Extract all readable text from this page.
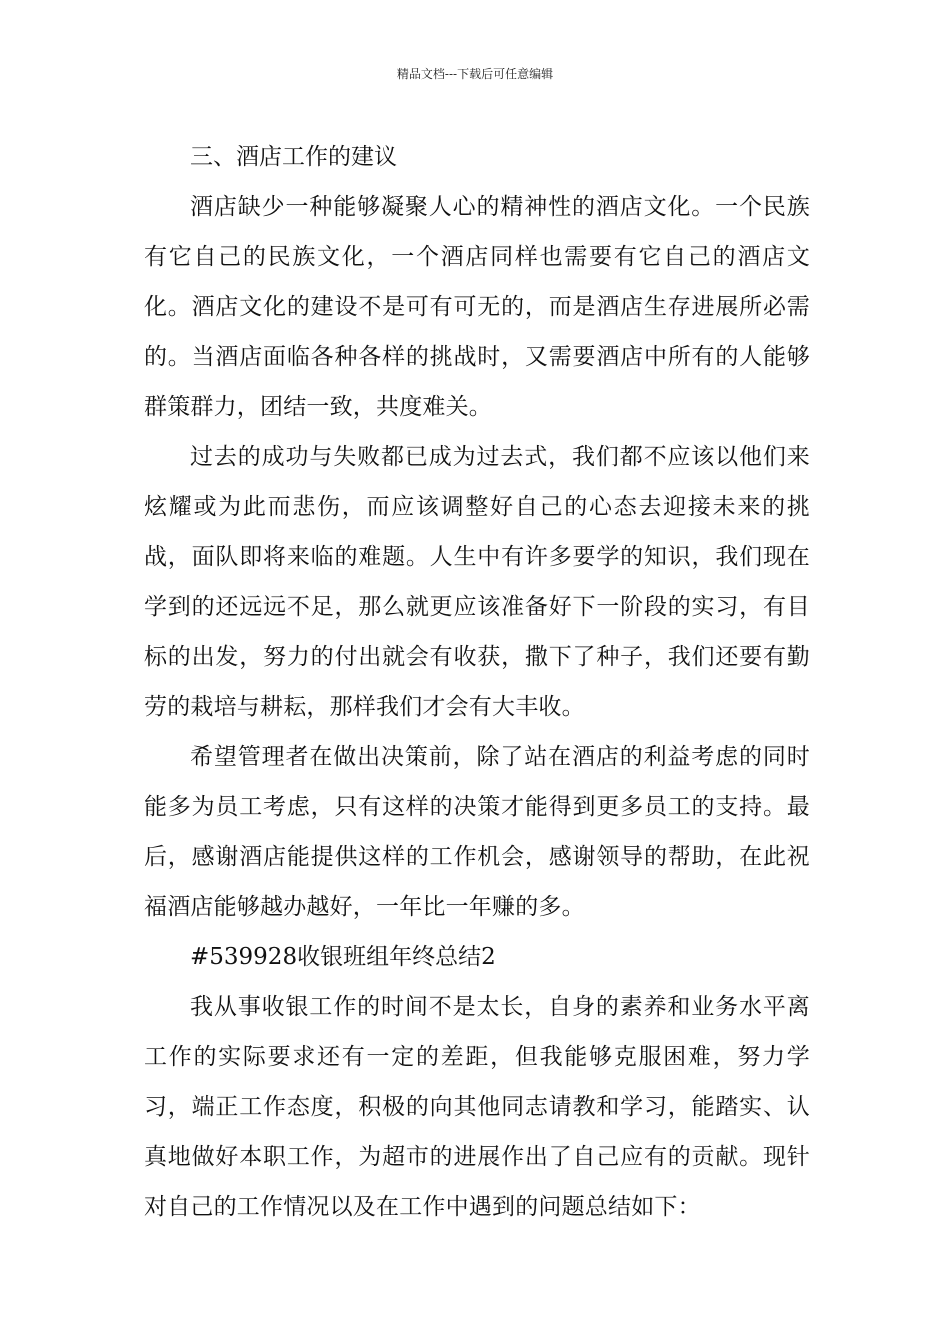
精品文档---下载后可任意编辑

三、酒店工作的建议

酒店缺少一种能够凝聚人心的精神性的酒店文化。一个民族有它自己的民族文化，一个酒店同样也需要有它自己的酒店文化。酒店文化的建设不是可有可无的，而是酒店生存进展所必需的。当酒店面临各种各样的挑战时，又需要酒店中所有的人能够群策群力，团结一致，共度难关。

过去的成功与失败都已成为过去式，我们都不应该以他们来炫耀或为此而悲伤，而应该调整好自己的心态去迎接未来的挑战，面队即将来临的难题。人生中有许多要学的知识，我们现在学到的还远远不足，那么就更应该准备好下一阶段的实习，有目标的出发，努力的付出就会有收获，撒下了种子，我们还要有勤劳的栽培与耕耘，那样我们才会有大丰收。

希望管理者在做出决策前，除了站在酒店的利益考虑的同时能多为员工考虑，只有这样的决策才能得到更多员工的支持。最后，感谢酒店能提供这样的工作机会，感谢领导的帮助，在此祝福酒店能够越办越好，一年比一年赚的多。

#539928收银班组年终总结2

我从事收银工作的时间不是太长，自身的素养和业务水平离工作的实际要求还有一定的差距，但我能够克服困难，努力学习，端正工作态度，积极的向其他同志请教和学习，能踏实、认真地做好本职工作，为超市的进展作出了自己应有的贡献。现针对自己的工作情况以及在工作中遇到的问题总结如下：
